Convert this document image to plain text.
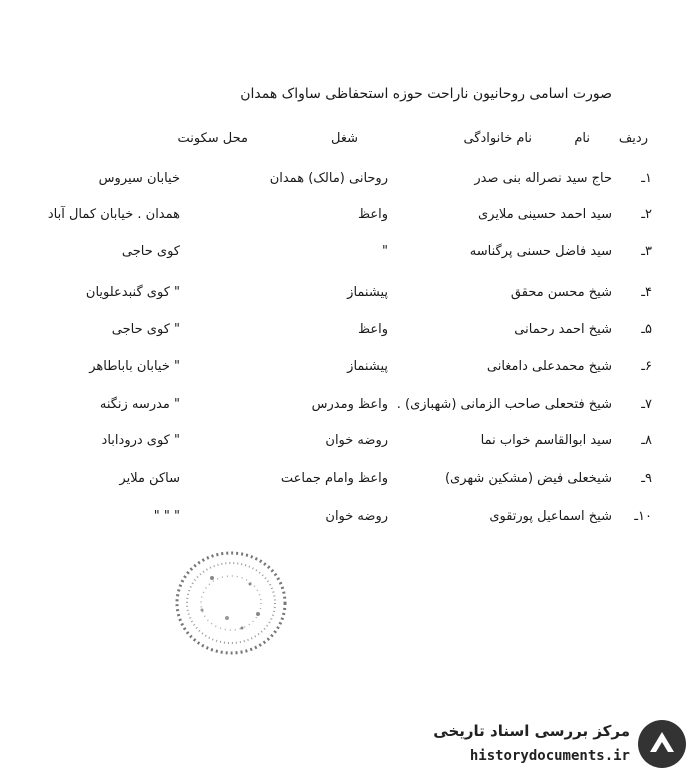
صورت اسامی روحانیون ناراحت حوزه استحفاظی ساواک همدان
ردیف
نام
نام خانوادگی
شغل
محل سکونت
۱ـ
حاج سید نصراله بنی صدر
روحانی (مالک) همدان
خیابان سیروس
۲ـ
سید احمد حسینی ملایری
واعظ
همدان . خیابان کمال آباد
۳ـ
سید فاضل حسنی پرگناسه
"
کوی حاجی
۴ـ
شیخ محسن محقق
پیشنماز
" کوی گنبدعلویان
۵ـ
شیخ احمد رحمانی
واعظ
" کوی حاجی
۶ـ
شیخ محمدعلی دامغانی
پیشنماز
" خیابان باباطاهر
۷ـ
شیخ فتحعلی صاحب الزمانی (شهبازی) .
واعظ ومدرس
" مدرسه زنگنه
۸ـ
سید ابوالقاسم خواب نما
روضه خوان
" کوی دروداباد
۹ـ
شیخعلی فیض (مشکین شهری)
واعظ وامام جماعت
ساکن ملایر
۱۰ـ
شیخ اسماعیل پورتقوی
روضه خوان
" " "
مرکز بررسی اسناد تاریخی
historydocuments.ir
